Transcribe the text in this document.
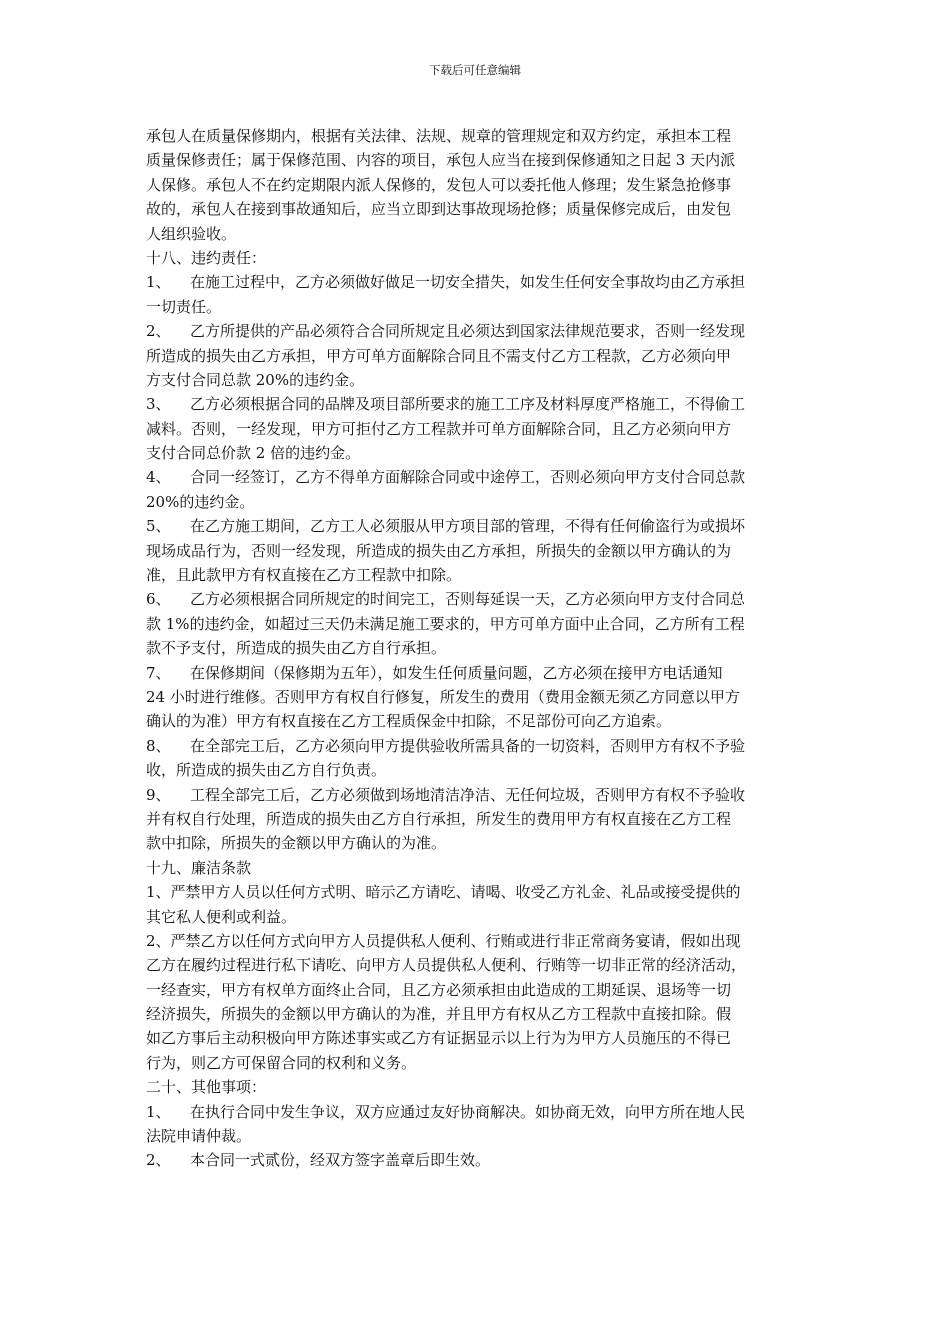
下载后可任意编辑
承包人在质量保修期内，根据有关法律、法规、规章的管理规定和双方约定，承担本工程
质量保修责任；属于保修范围、内容的项目，承包人应当在接到保修通知之日起 3 天内派
人保修。承包人不在约定期限内派人保修的，发包人可以委托他人修理；发生紧急抢修事
故的，承包人在接到事故通知后，应当立即到达事故现场抢修；质量保修完成后，由发包
人组织验收。
十八、违约责任：
1、 在施工过程中，乙方必须做好做足一切安全措失，如发生任何安全事故均由乙方承担
一切责任。
2、 乙方所提供的产品必须符合合同所规定且必须达到国家法律规范要求，否则一经发现
所造成的损失由乙方承担，甲方可单方面解除合同且不需支付乙方工程款，乙方必须向甲
方支付合同总款 20%的违约金。
3、 乙方必须根据合同的品牌及项目部所要求的施工工序及材料厚度严格施工，不得偷工
减料。否则，一经发现，甲方可拒付乙方工程款并可单方面解除合同，且乙方必须向甲方
支付合同总价款 2 倍的违约金。
4、 合同一经签订，乙方不得单方面解除合同或中途停工，否则必须向甲方支付合同总款
20%的违约金。
5、 在乙方施工期间，乙方工人必须服从甲方项目部的管理，不得有任何偷盗行为或损坏
现场成品行为，否则一经发现，所造成的损失由乙方承担，所损失的金额以甲方确认的为
准，且此款甲方有权直接在乙方工程款中扣除。
6、 乙方必须根据合同所规定的时间完工，否则每延误一天，乙方必须向甲方支付合同总
款 1%的违约金，如超过三天仍未满足施工要求的，甲方可单方面中止合同，乙方所有工程
款不予支付，所造成的损失由乙方自行承担。
7、 在保修期间（保修期为五年），如发生任何质量问题，乙方必须在接甲方电话通知
24 小时进行维修。否则甲方有权自行修复，所发生的费用（费用金额无须乙方同意以甲方
确认的为准）甲方有权直接在乙方工程质保金中扣除，不足部份可向乙方追索。
8、 在全部完工后，乙方必须向甲方提供验收所需具备的一切资料，否则甲方有权不予验
收，所造成的损失由乙方自行负责。
9、 工程全部完工后，乙方必须做到场地清洁净洁、无任何垃圾，否则甲方有权不予验收
并有权自行处理，所造成的损失由乙方自行承担，所发生的费用甲方有权直接在乙方工程
款中扣除，所损失的金额以甲方确认的为准。
十九、廉洁条款
1、严禁甲方人员以任何方式明、暗示乙方请吃、请喝、收受乙方礼金、礼品或接受提供的
其它私人便利或利益。
2、严禁乙方以任何方式向甲方人员提供私人便利、行贿或进行非正常商务宴请，假如出现
乙方在履约过程进行私下请吃、向甲方人员提供私人便利、行贿等一切非正常的经济活动，
一经查实，甲方有权单方面终止合同，且乙方必须承担由此造成的工期延误、退场等一切
经济损失，所损失的金额以甲方确认的为准，并且甲方有权从乙方工程款中直接扣除。假
如乙方事后主动积极向甲方陈述事实或乙方有证据显示以上行为为甲方人员施压的不得已
行为，则乙方可保留合同的权利和义务。
二十、其他事项：
1、 在执行合同中发生争议，双方应通过友好协商解决。如协商无效，向甲方所在地人民
法院申请仲裁。
2、 本合同一式贰份，经双方签字盖章后即生效。
